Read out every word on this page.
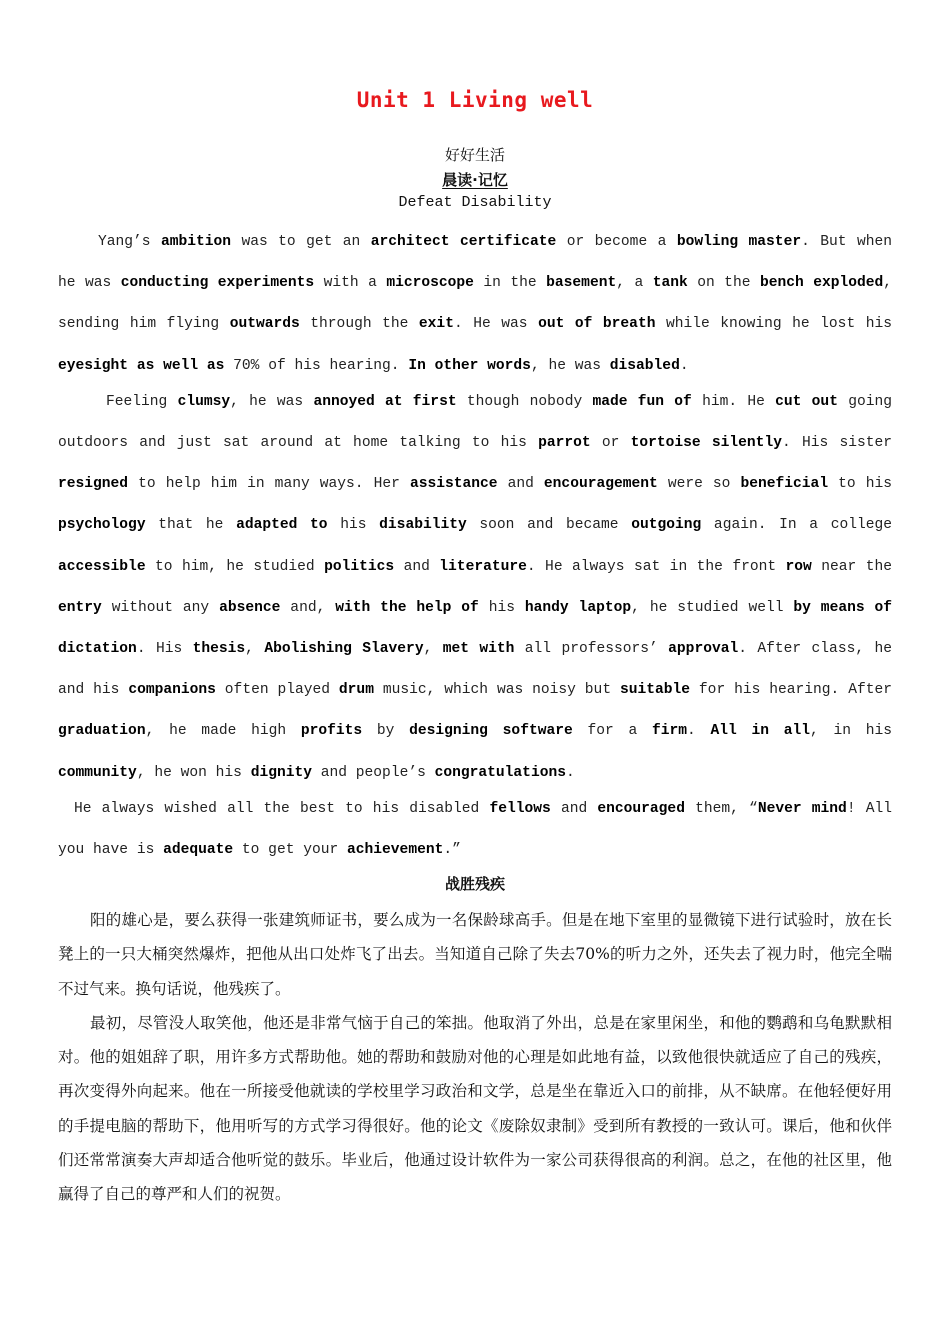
Unit 1 Living well
好好生活
晨读·记忆
Defeat Disability

Yang’s ambition was to get an architect certificate or become a bowling master. But when he was conducting experiments with a microscope in the basement, a tank on the bench exploded, sending him flying outwards through the exit. He was out of breath while knowing he lost his eyesight as well as 70% of his hearing. In other words, he was disabled.

Feeling clumsy, he was annoyed at first though nobody made fun of him. He cut out going outdoors and just sat around at home talking to his parrot or tortoise silently. His sister resigned to help him in many ways. Her assistance and encouragement were so beneficial to his psychology that he adapted to his disability soon and became outgoing again. In a college accessible to him, he studied politics and literature. He always sat in the front row near the entry without any absence and, with the help of his handy laptop, he studied well by means of dictation. His thesis, Abolishing Slavery, met with all professors’ approval. After class, he and his companions often played drum music, which was noisy but suitable for his hearing. After graduation, he made high profits by designing software for a firm. All in all, in his community, he won his dignity and people’s congratulations.

He always wished all the best to his disabled fellows and encouraged them, “Never mind! All you have is adequate to get your achievement.”

战胜残疾

阳的雄心是，要么获得一张建筑师证书，要么成为一名保龄球高手。但是在地下室里的显微镜下进行试验时，放在长凳上的一只大桶突然爆炸，把他从出口处炸飞了出去。当知道自己除了失去70%的听力之外，还失去了视力时，他完全喘不过气来。换句话说，他残疾了。

最初，尽管没人取笑他，他还是非常气恼于自己的笨拙。他取消了外出，总是在家里闲坐，和他的鹦鹉和乌龟默默相对。他的姐姐辞了职，用许多方式帮助他。她的帮助和鼓励对他的心理是如此地有益，以致他很快就适应了自己的残疾，再次变得外向起来。他在一所接受他就读的学校里学习政治和文学，总是坐在靠近入口的前排，从不缺席。在他轻便好用的手提电脑的帮助下，他用听写的方式学习得很好。他的论文《废除奴隶制》受到所有教授的一致认可。课后，他和伙伴们还常常演奏大声却适合他听觉的鼓乐。毕业后，他通过设计软件为一家公司获得很高的利润。总之，在他的社区里，他赢得了自己的尊严和人们的祝贺。
